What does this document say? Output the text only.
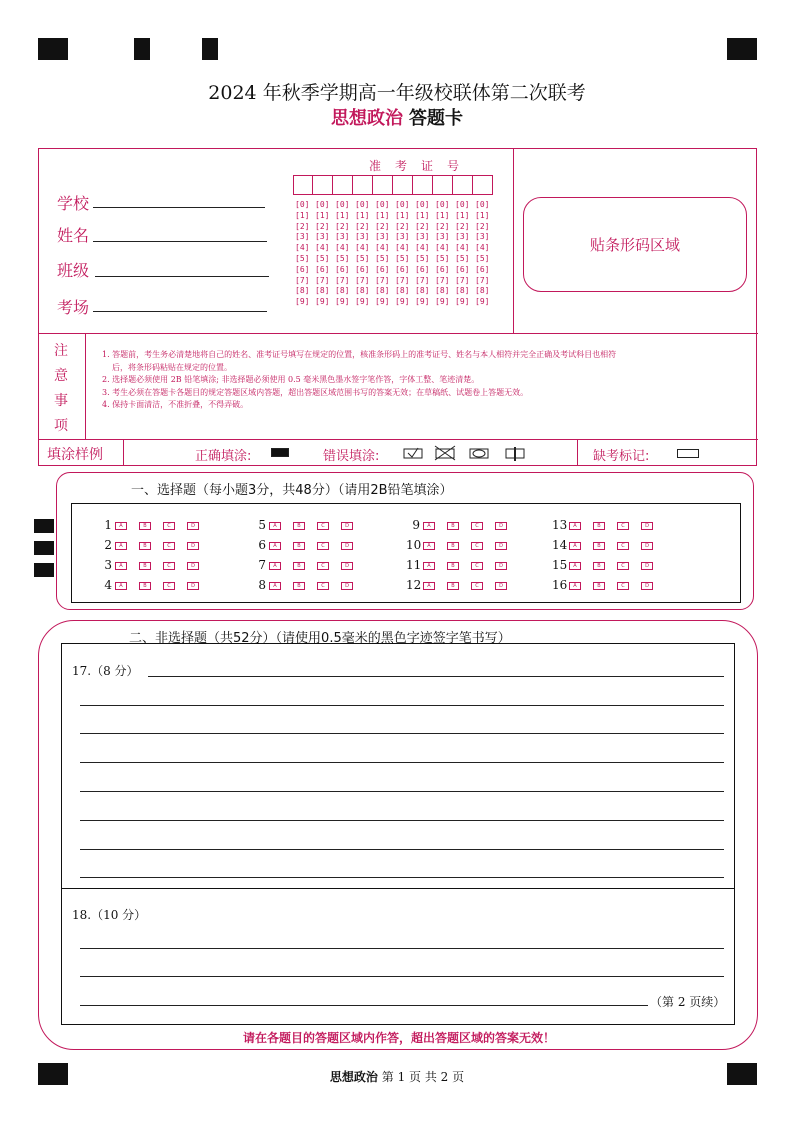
2024 年秋季学期高一年级校联体第二次联考
思想政治 答题卡
学校
姓名
班级
考场
准考证号
[0] [0] [0] [0] [0] [0] [0] [0] [0] [0]
[1] [1] [1] [1] [1] [1] [1] [1] [1] [1]
[2] [2] [2] [2] [2] [2] [2] [2] [2] [2]
[3] [3] [3] [3] [3] [3] [3] [3] [3] [3]
[4] [4] [4] [4] [4] [4] [4] [4] [4] [4]
[5] [5] [5] [5] [5] [5] [5] [5] [5] [5]
[6] [6] [6] [6] [6] [6] [6] [6] [6] [6]
[7] [7] [7] [7] [7] [7] [7] [7] [7] [7]
[8] [8] [8] [8] [8] [8] [8] [8] [8] [8]
[9] [9] [9] [9] [9] [9] [9] [9] [9] [9]
贴条形码区域
注
意
事
项
1. 答题前，考生务必清楚地将自己的姓名、准考证号填写在规定的位置，核准条形码上的准考证号、姓名与本人相符并完全正确及考试科目也相符
后，将条形码粘贴在规定的位置。
2. 选择题必须使用 2B 铅笔填涂; 非选择题必须使用 0.5 毫米黑色墨水签字笔作答，字体工整、笔迹清楚。
3. 考生必须在答题卡各题目的规定答题区域内答题，超出答题区域范围书写的答案无效；在草稿纸、试题卷上答题无效。
4. 保持卡面清洁，不准折叠，不得弄破。
填涂样例	正确填涂:	错误填涂:	缺考标记:
一、选择题（每小题3分，共48分）（请用2B铅笔填涂）
1 A	B	C	D	5 A	B	C	D	9 A	B	C	D	13 A	B	C	D
2 A	B	C	D	6 A	B	C	D	10 A	B	C	D	14 A	B	C	D
3 A	B	C	D	7 A	B	C	D	11 A	B	C	D	15 A	B	C	D
4 A	B	C	D	8 A	B	C	D	12 A	B	C	D	16 A	B	C	D
二、非选择题（共52分）（请使用0.5毫米的黑色字迹签字笔书写）
17.（8 分）
18.（10 分）
（第 2 页续）
请在各题目的答题区域内作答，超出答题区域的答案无效！
思想政治 第 1 页 共 2 页
